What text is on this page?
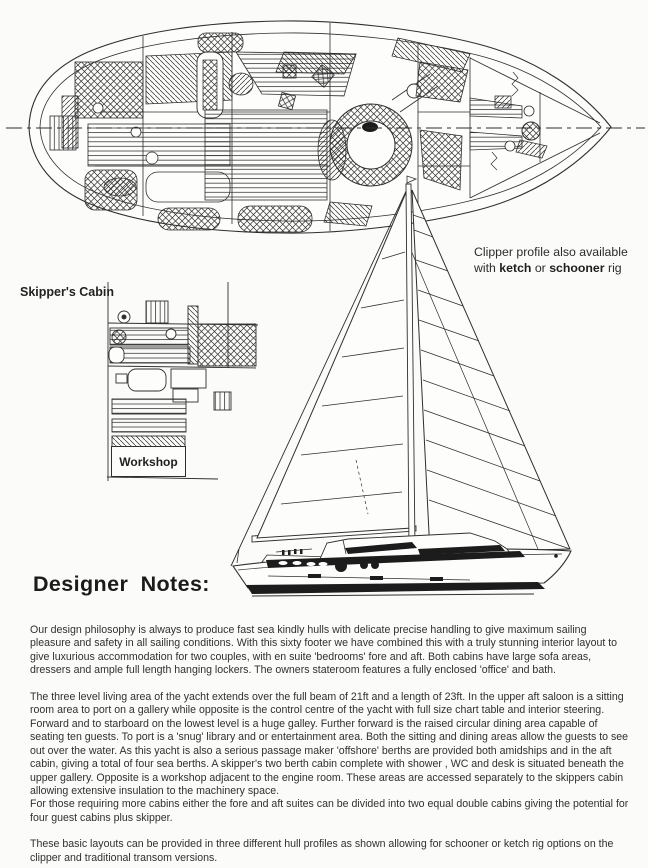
Skipper's Cabin
Clipper profile also available
with ketch or schooner rig
Workshop
Designer Notes:

Our design philosophy is always to produce fast sea kindly hulls with delicate precise handling to give maximum sailing pleasure and safety in all sailing conditions. With this sixty footer we have combined this with a truly stunning interior layout to give luxurious accommodation for two couples, with en suite 'bedrooms' fore and aft. Both cabins have large sofa areas, dressers and ample full length hanging lockers. The owners stateroom features a fully enclosed 'office' and bath.

The three level living area of the yacht extends over the full beam of 21ft and a length of 23ft. In the upper aft saloon is a sitting room area to port on a gallery while opposite is the control centre of the yacht with full size chart table and interior steering. Forward and to starboard on the lowest level is a huge galley. Further forward is the raised circular dining area capable of seating ten guests. To port is a 'snug' library and or entertainment area. Both the sitting and dining areas allow the guests to see out over the water. As this yacht is also a serious passage maker 'offshore' berths are provided both amidships and in the aft cabin, giving a total of four sea berths. A skipper's two berth cabin complete with shower , WC and desk is situated beneath the upper gallery. Opposite is a workshop adjacent to the engine room. These areas are accessed separately to the skippers cabin allowing extensive insulation to the machinery space.

For those requiring more cabins either the fore and aft suites can be divided into two equal double cabins giving the potential for four guest cabins plus skipper.

These basic layouts can be provided in three different hull profiles as shown allowing for schooner or ketch rig options on the clipper and traditional transom versions.
